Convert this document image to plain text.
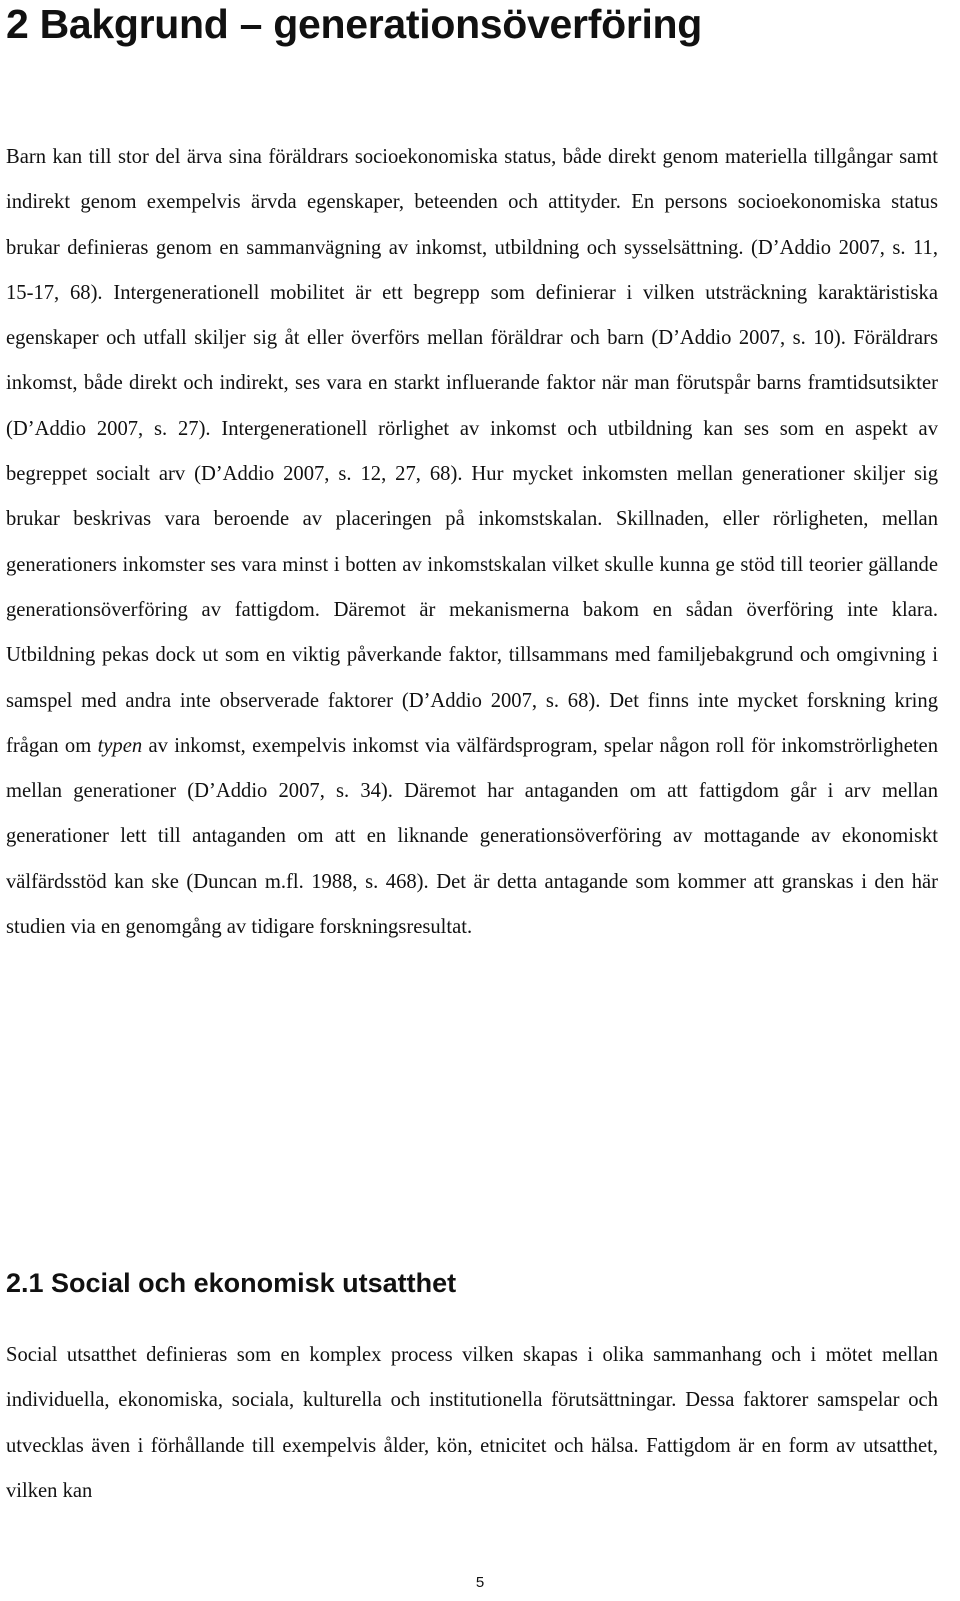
2 Bakgrund – generationsöverföring

Barn kan till stor del ärva sina föräldrars socioekonomiska status, både direkt genom materiella tillgångar samt indirekt genom exempelvis ärvda egenskaper, beteenden och attityder. En persons socioekonomiska status brukar definieras genom en sammanvägning av inkomst, utbildning och sysselsättning. (D’Addio 2007, s. 11, 15-17, 68). Intergenerationell mobilitet är ett begrepp som definierar i vilken utsträckning karaktäristiska egenskaper och utfall skiljer sig åt eller överförs mellan föräldrar och barn (D’Addio 2007, s. 10). Föräldrars inkomst, både direkt och indirekt, ses vara en starkt influerande faktor när man förutspår barns framtidsutsikter (D’Addio 2007, s. 27). Intergenerationell rörlighet av inkomst och utbildning kan ses som en aspekt av begreppet socialt arv (D’Addio 2007, s. 12, 27, 68). Hur mycket inkomsten mellan generationer skiljer sig brukar beskrivas vara beroende av placeringen på inkomstskalan. Skillnaden, eller rörligheten, mellan generationers inkomster ses vara minst i botten av inkomstskalan vilket skulle kunna ge stöd till teorier gällande generationsöverföring av fattigdom. Däremot är mekanismerna bakom en sådan överföring inte klara. Utbildning pekas dock ut som en viktig påverkande faktor, tillsammans med familjebakgrund och omgivning i samspel med andra inte observerade faktorer (D’Addio 2007, s. 68). Det finns inte mycket forskning kring frågan om typen av inkomst, exempelvis inkomst via välfärdsprogram, spelar någon roll för inkomströrligheten mellan generationer (D’Addio 2007, s. 34). Däremot har antaganden om att fattigdom går i arv mellan generationer lett till antaganden om att en liknande generationsöverföring av mottagande av ekonomiskt välfärdsstöd kan ske (Duncan m.fl. 1988, s. 468). Det är detta antagande som kommer att granskas i den här studien via en genomgång av tidigare forskningsresultat.

2.1 Social och ekonomisk utsatthet

Social utsatthet definieras som en komplex process vilken skapas i olika sammanhang och i mötet mellan individuella, ekonomiska, sociala, kulturella och institutionella förutsättningar. Dessa faktorer samspelar och utvecklas även i förhållande till exempelvis ålder, kön, etnicitet och hälsa. Fattigdom är en form av utsatthet, vilken kan

5
